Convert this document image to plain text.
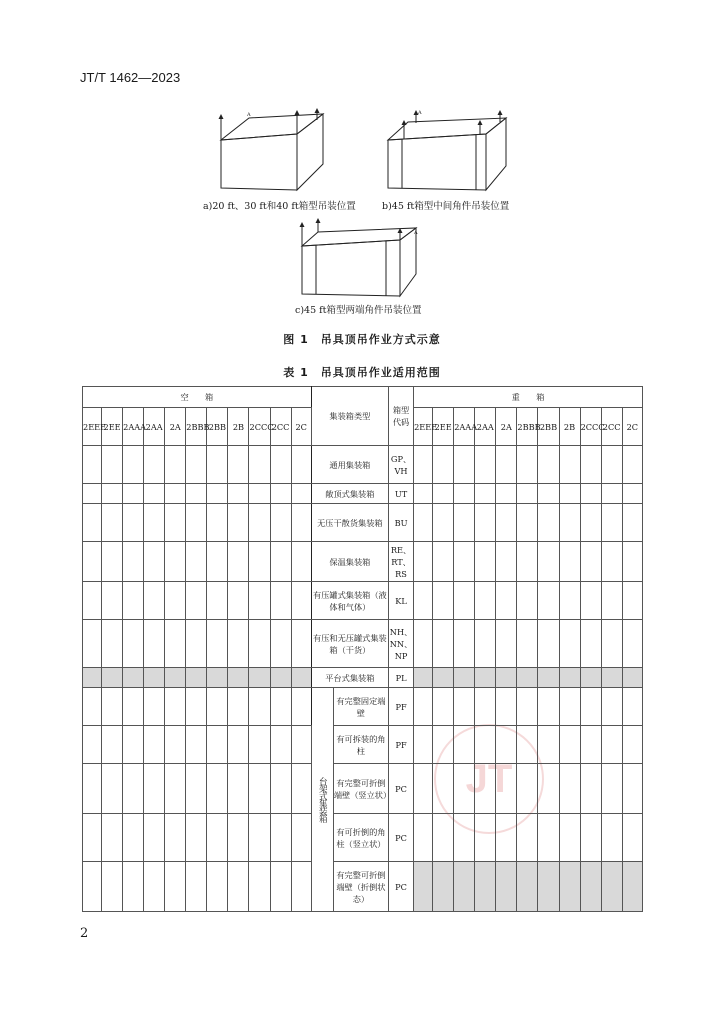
JT/T 1462—2023
A
a)20 ft、30 ft和40 ft箱型吊装位置
A
b)45 ft箱型中间角件吊装位置
A
c)45 ft箱型两端角件吊装位置
图 1　吊具顶吊作业方式示意
表 1　吊具顶吊作业适用范围
JT
空　　箱											集装箱类型		箱型代码	重　　箱										
2EEE	2EE	2AAA	2AA	2A	2BBB	2BB	2B	2CCC	2CC	2C				2EEE	2EE	2AAA	2AA	2A	2BBB	2BB	2B	2CCC	2CC	2C
											通用集装箱		GP、VH											
											敞顶式集装箱		UT											
											无压干散货集装箱		BU											
											保温集装箱		RE、RT、RS											
											有压罐式集装箱（液体和气体）		KL											
											有压和无压罐式集装箱（干货）		NH、NN、NP											
											平台式集装箱		PL											
											台架式集装箱	有完整固定端壁	PF											
												有可拆装的角柱	PF											
												有完整可折倒端壁（竖立状）	PC											
												有可折倒的角柱（竖立状）	PC											
												有完整可折倒端壁（折倒状态）	PC											
2
